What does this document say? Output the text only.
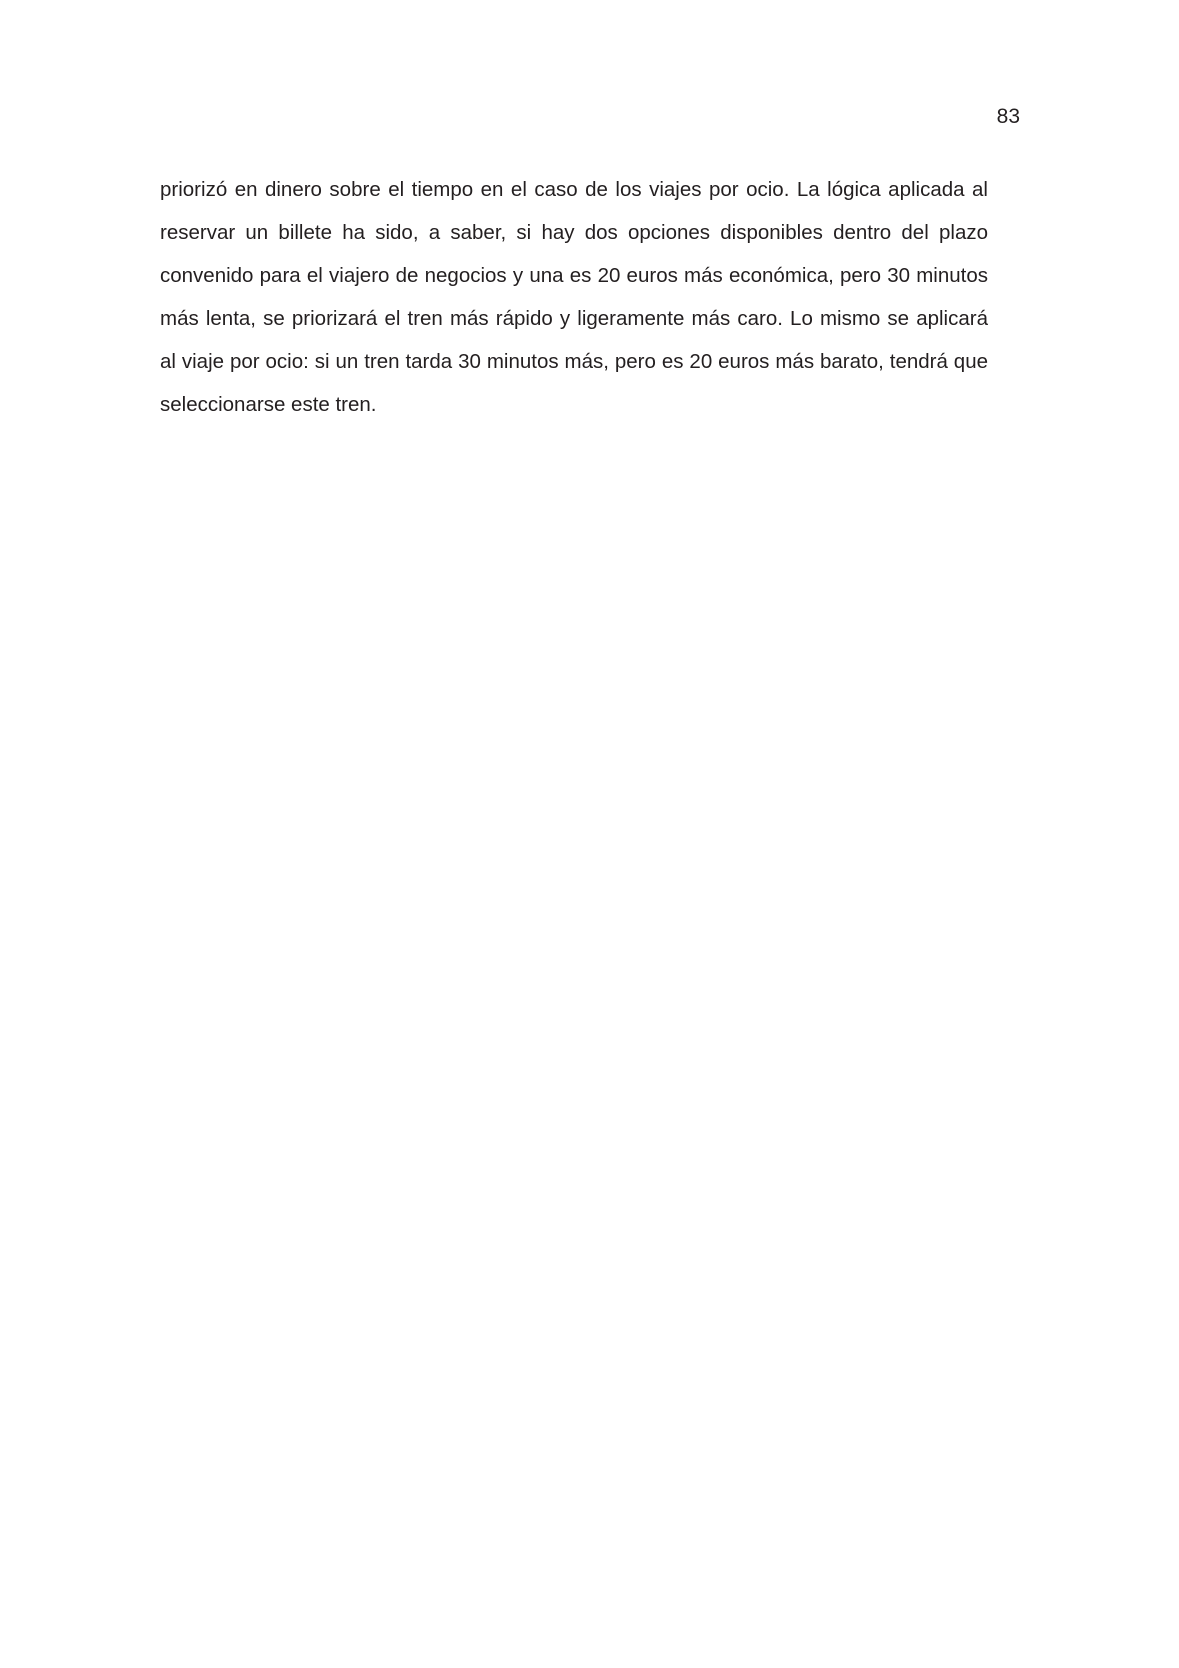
83

priorizó en dinero sobre el tiempo en el caso de los viajes por ocio. La lógica aplicada al reservar un billete ha sido, a saber, si hay dos opciones disponibles dentro del plazo convenido para el viajero de negocios y una es 20 euros más económica, pero 30 minutos más lenta, se priorizará el tren más rápido y ligeramente más caro. Lo mismo se aplicará al viaje por ocio: si un tren tarda 30 minutos más, pero es 20 euros más barato, tendrá que seleccionarse este tren.
